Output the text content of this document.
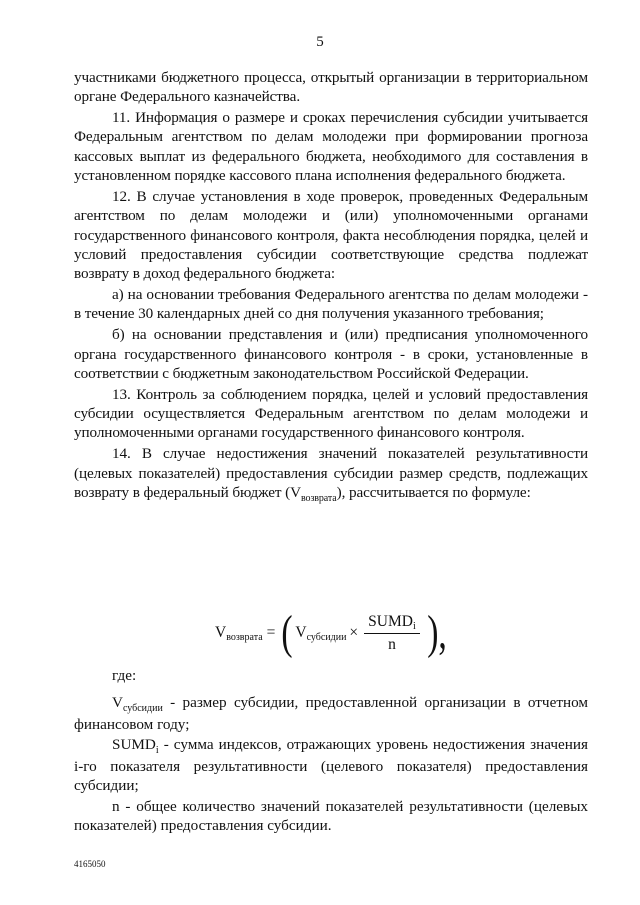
5

участниками бюджетного процесса, открытый организации в территориальном органе Федерального казначейства.

11. Информация о размере и сроках перечисления субсидии учитывается Федеральным агентством по делам молодежи при формировании прогноза кассовых выплат из федерального бюджета, необходимого для составления в установленном порядке кассового плана исполнения федерального бюджета.

12. В случае установления в ходе проверок, проведенных Федеральным агентством по делам молодежи и (или) уполномоченными органами государственного финансового контроля, факта несоблюдения порядка, целей и условий предоставления субсидии соответствующие средства подлежат возврату в доход федерального бюджета:

а) на основании требования Федерального агентства по делам молодежи - в течение 30 календарных дней со дня получения указанного требования;

б) на основании представления и (или) предписания уполномоченного органа государственного финансового контроля - в сроки, установленные в соответствии с бюджетным законодательством Российской Федерации.

13. Контроль за соблюдением порядка, целей и условий предоставления субсидии осуществляется Федеральным агентством по делам молодежи и уполномоченными органами государственного финансового контроля.

14. В случае недостижения значений показателей результативности (целевых показателей) предоставления субсидии размер средств, подлежащих возврату в федеральный бюджет $(V_{возврата})$, рассчитывается по формуле:

V возврата = ( V субсидии × $\frac{\text{SUMDi}}{n}$ ),

где:

$V_{субсидии}$ - размер субсидии, предоставленной организации в отчетном финансовом году;

$SUMD_i$ - сумма индексов, отражающих уровень недостижения значения i-го показателя результативности (целевого показателя) предоставления субсидии;

n - общее количество значений показателей результативности (целевых показателей) предоставления субсидии.

4165050
